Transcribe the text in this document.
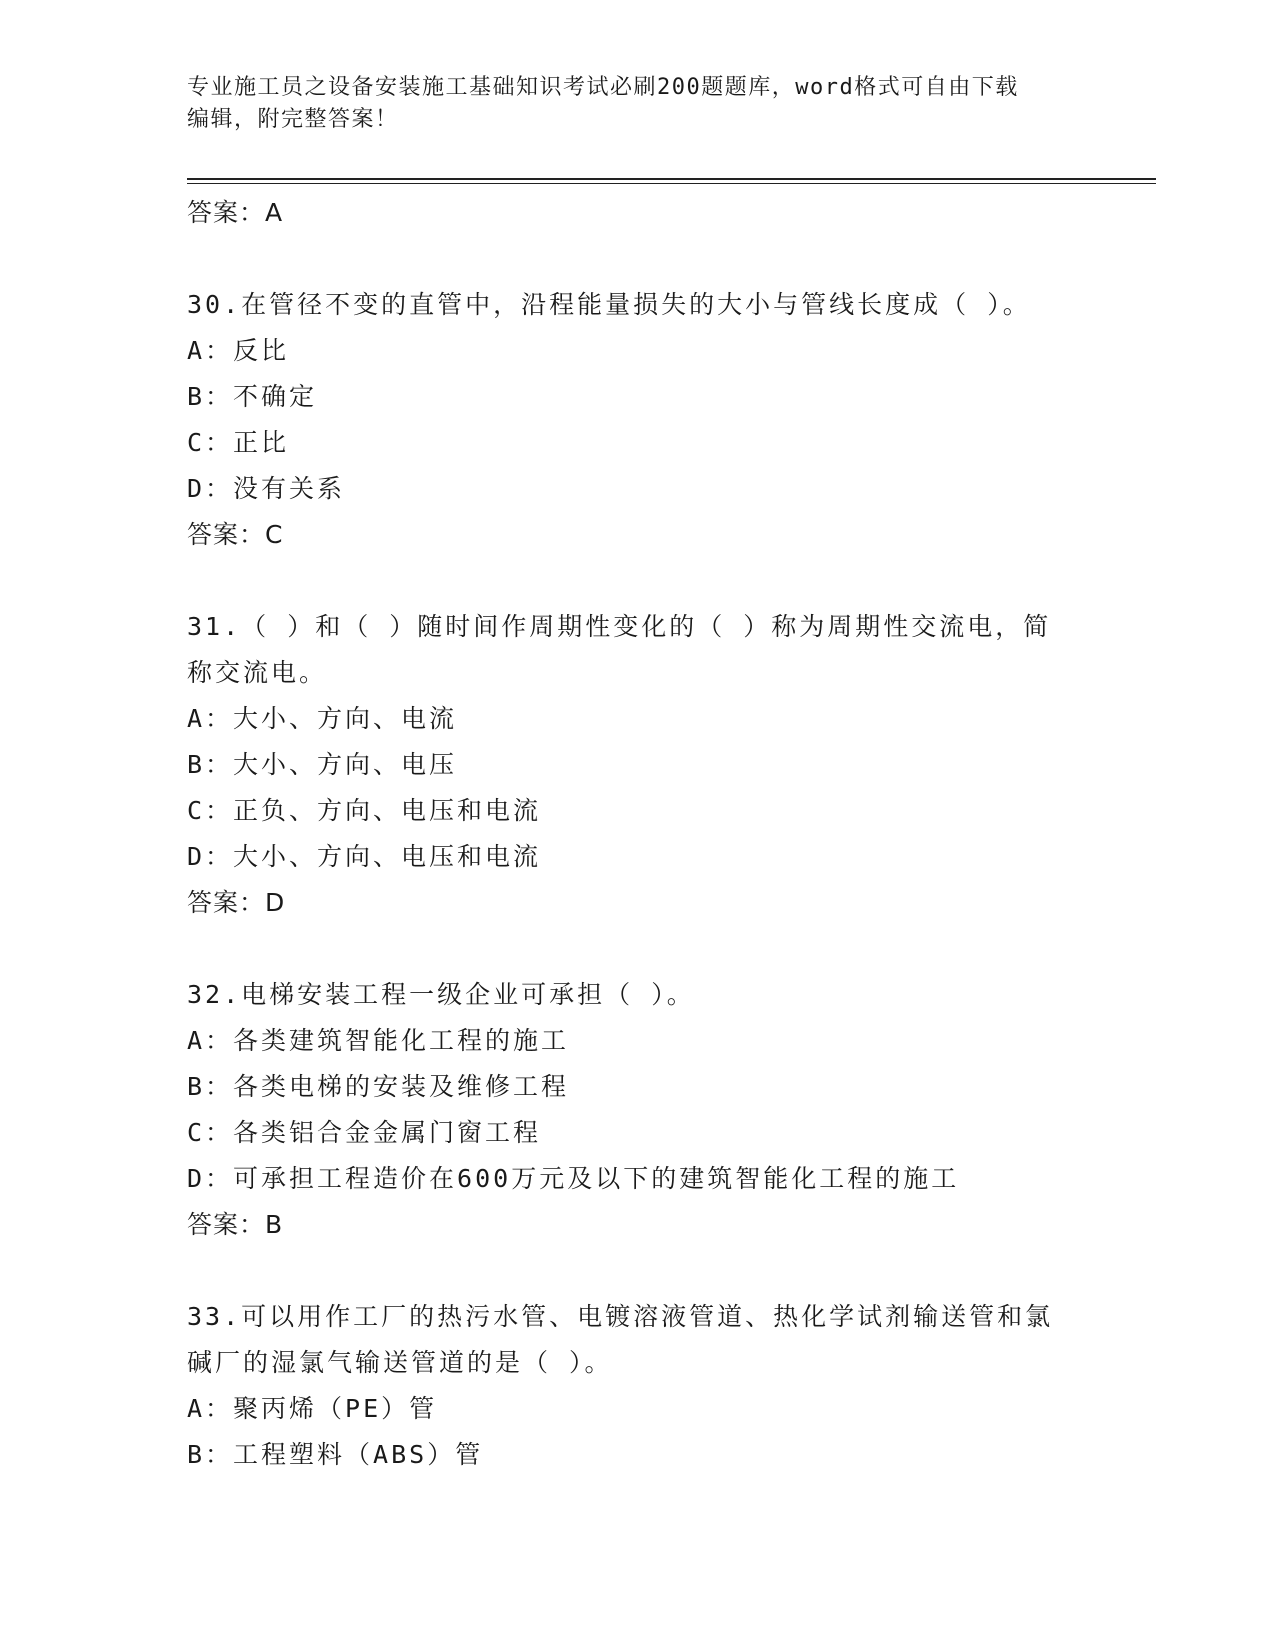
专业施工员之设备安装施工基础知识考试必刷200题题库，word格式可自由下载
编辑，附完整答案！
答案：A
30.在管径不变的直管中，沿程能量损失的大小与管线长度成（ ）。
A：反比
B：不确定
C：正比
D：没有关系
答案：C
31.（ ）和（ ）随时间作周期性变化的（ ）称为周期性交流电，简
称交流电。
A：大小、方向、电流
B：大小、方向、电压
C：正负、方向、电压和电流
D：大小、方向、电压和电流
答案：D
32.电梯安装工程一级企业可承担（ ）。
A：各类建筑智能化工程的施工
B：各类电梯的安装及维修工程
C：各类铝合金金属门窗工程
D：可承担工程造价在600万元及以下的建筑智能化工程的施工
答案：B
33.可以用作工厂的热污水管、电镀溶液管道、热化学试剂输送管和氯
碱厂的湿氯气输送管道的是（ ）。
A：聚丙烯（PE）管
B：工程塑料（ABS）管
